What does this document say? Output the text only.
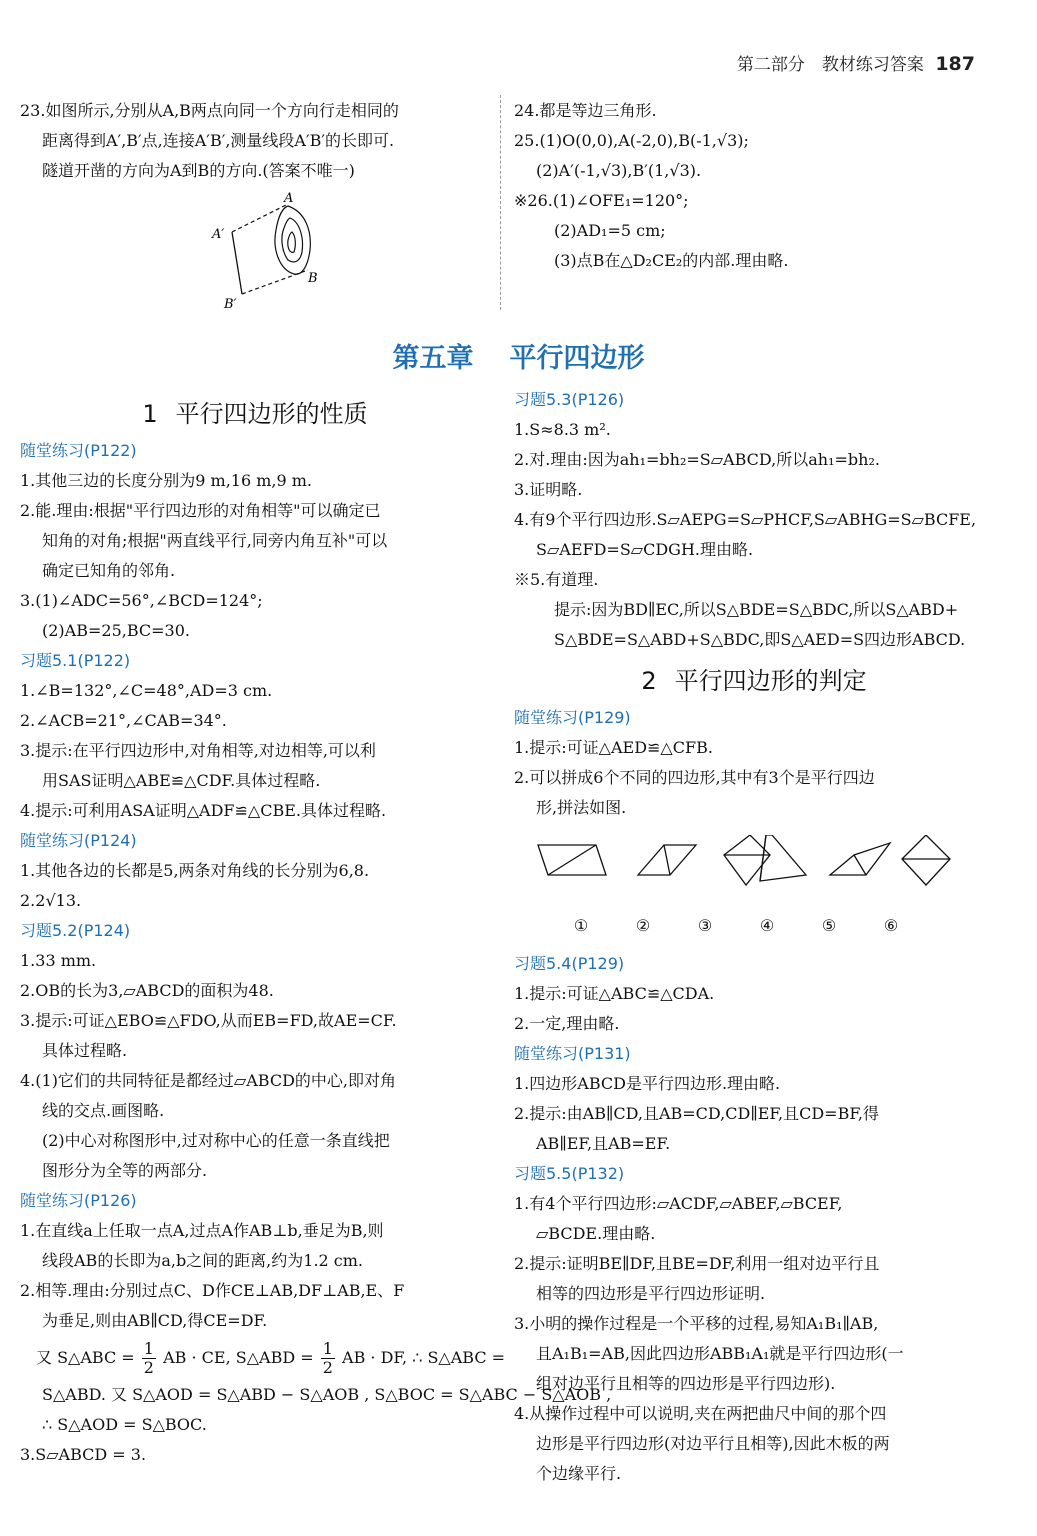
第二部分　教材练习答案 187

23.如图所示,分别从A,B两点向同一个方向行走相同的

距离得到A′,B′点,连接A′B′,测量线段A′B′的长即可.

隧道开凿的方向为A到B的方向.(答案不唯一)

A
A′
B
B′

24.都是等边三角形.

25.(1)O(0,0),A(-2,0),B(-1,√3);

(2)A′(-1,√3),B′(1,√3).

※26.(1)∠OFE₁=120°;

(2)AD₁=5 cm;

(3)点B在△D₂CE₂的内部.理由略.

第五章 平行四边形
1 平行四边形的性质

随堂练习(P122)

1.其他三边的长度分别为9 m,16 m,9 m.

2.能.理由:根据"平行四边形的对角相等"可以确定已

知角的对角;根据"两直线平行,同旁内角互补"可以

确定已知角的邻角.

3.(1)∠ADC=56°,∠BCD=124°;

(2)AB=25,BC=30.

习题5.1(P122)

1.∠B=132°,∠C=48°,AD=3 cm.

2.∠ACB=21°,∠CAB=34°.

3.提示:在平行四边形中,对角相等,对边相等,可以利

用SAS证明△ABE≌△CDF.具体过程略.

4.提示:可利用ASA证明△ADF≌△CBE.具体过程略.

随堂练习(P124)

1.其他各边的长都是5,两条对角线的长分别为6,8.

2.2√13.

习题5.2(P124)

1.33 mm.

2.OB的长为3,▱ABCD的面积为48.

3.提示:可证△EBO≌△FDO,从而EB=FD,故AE=CF.

具体过程略.

4.(1)它们的共同特征是都经过▱ABCD的中心,即对角

线的交点.画图略.

(2)中心对称图形中,过对称中心的任意一条直线把

图形分为全等的两部分.

随堂练习(P126)

1.在直线a上任取一点A,过点A作AB⊥b,垂足为B,则

线段AB的长即为a,b之间的距离,约为1.2 cm.

2.相等.理由:分别过点C、D作CE⊥AB,DF⊥AB,E、F

为垂足,则由AB∥CD,得CE=DF.

又 S△ABC = $\frac{1}{2}$ AB · CE, S△ABD = $\frac{1}{2}$ AB · DF, ∴ S△ABC =

S△ABD. 又 S△AOD = S△ABD − S△AOB , S△BOC = S△ABC − S△AOB ,

∴ S△AOD = S△BOC.

3.S▱ABCD = 3.

习题5.3(P126)

1.S≈8.3 m².

2.对.理由:因为ah₁=bh₂=S▱ABCD,所以ah₁=bh₂.

3.证明略.

4.有9个平行四边形.S▱AEPG=S▱PHCF,S▱ABHG=S▱BCFE,

S▱AEFD=S▱CDGH.理由略.

※5.有道理.

提示:因为BD∥EC,所以S△BDE=S△BDC,所以S△ABD+

S△BDE=S△ABD+S△BDC,即S△AED=S四边形ABCD.

2 平行四边形的判定

随堂练习(P129)

1.提示:可证△AED≌△CFB.

2.可以拼成6个不同的四边形,其中有3个是平行四边

形,拼法如图.

①	②	③	④	⑤	⑥

习题5.4(P129)

1.提示:可证△ABC≌△CDA.

2.一定,理由略.

随堂练习(P131)

1.四边形ABCD是平行四边形.理由略.

2.提示:由AB∥CD,且AB=CD,CD∥EF,且CD=BF,得

AB∥EF,且AB=EF.

习题5.5(P132)

1.有4个平行四边形:▱ACDF,▱ABEF,▱BCEF,

▱BCDE.理由略.

2.提示:证明BE∥DF,且BE=DF,利用一组对边平行且

相等的四边形是平行四边形证明.

3.小明的操作过程是一个平移的过程,易知A₁B₁∥AB,

且A₁B₁=AB,因此四边形ABB₁A₁就是平行四边形(一

组对边平行且相等的四边形是平行四边形).

4.从操作过程中可以说明,夹在两把曲尺中间的那个四

边形是平行四边形(对边平行且相等),因此木板的两

个边缘平行.
